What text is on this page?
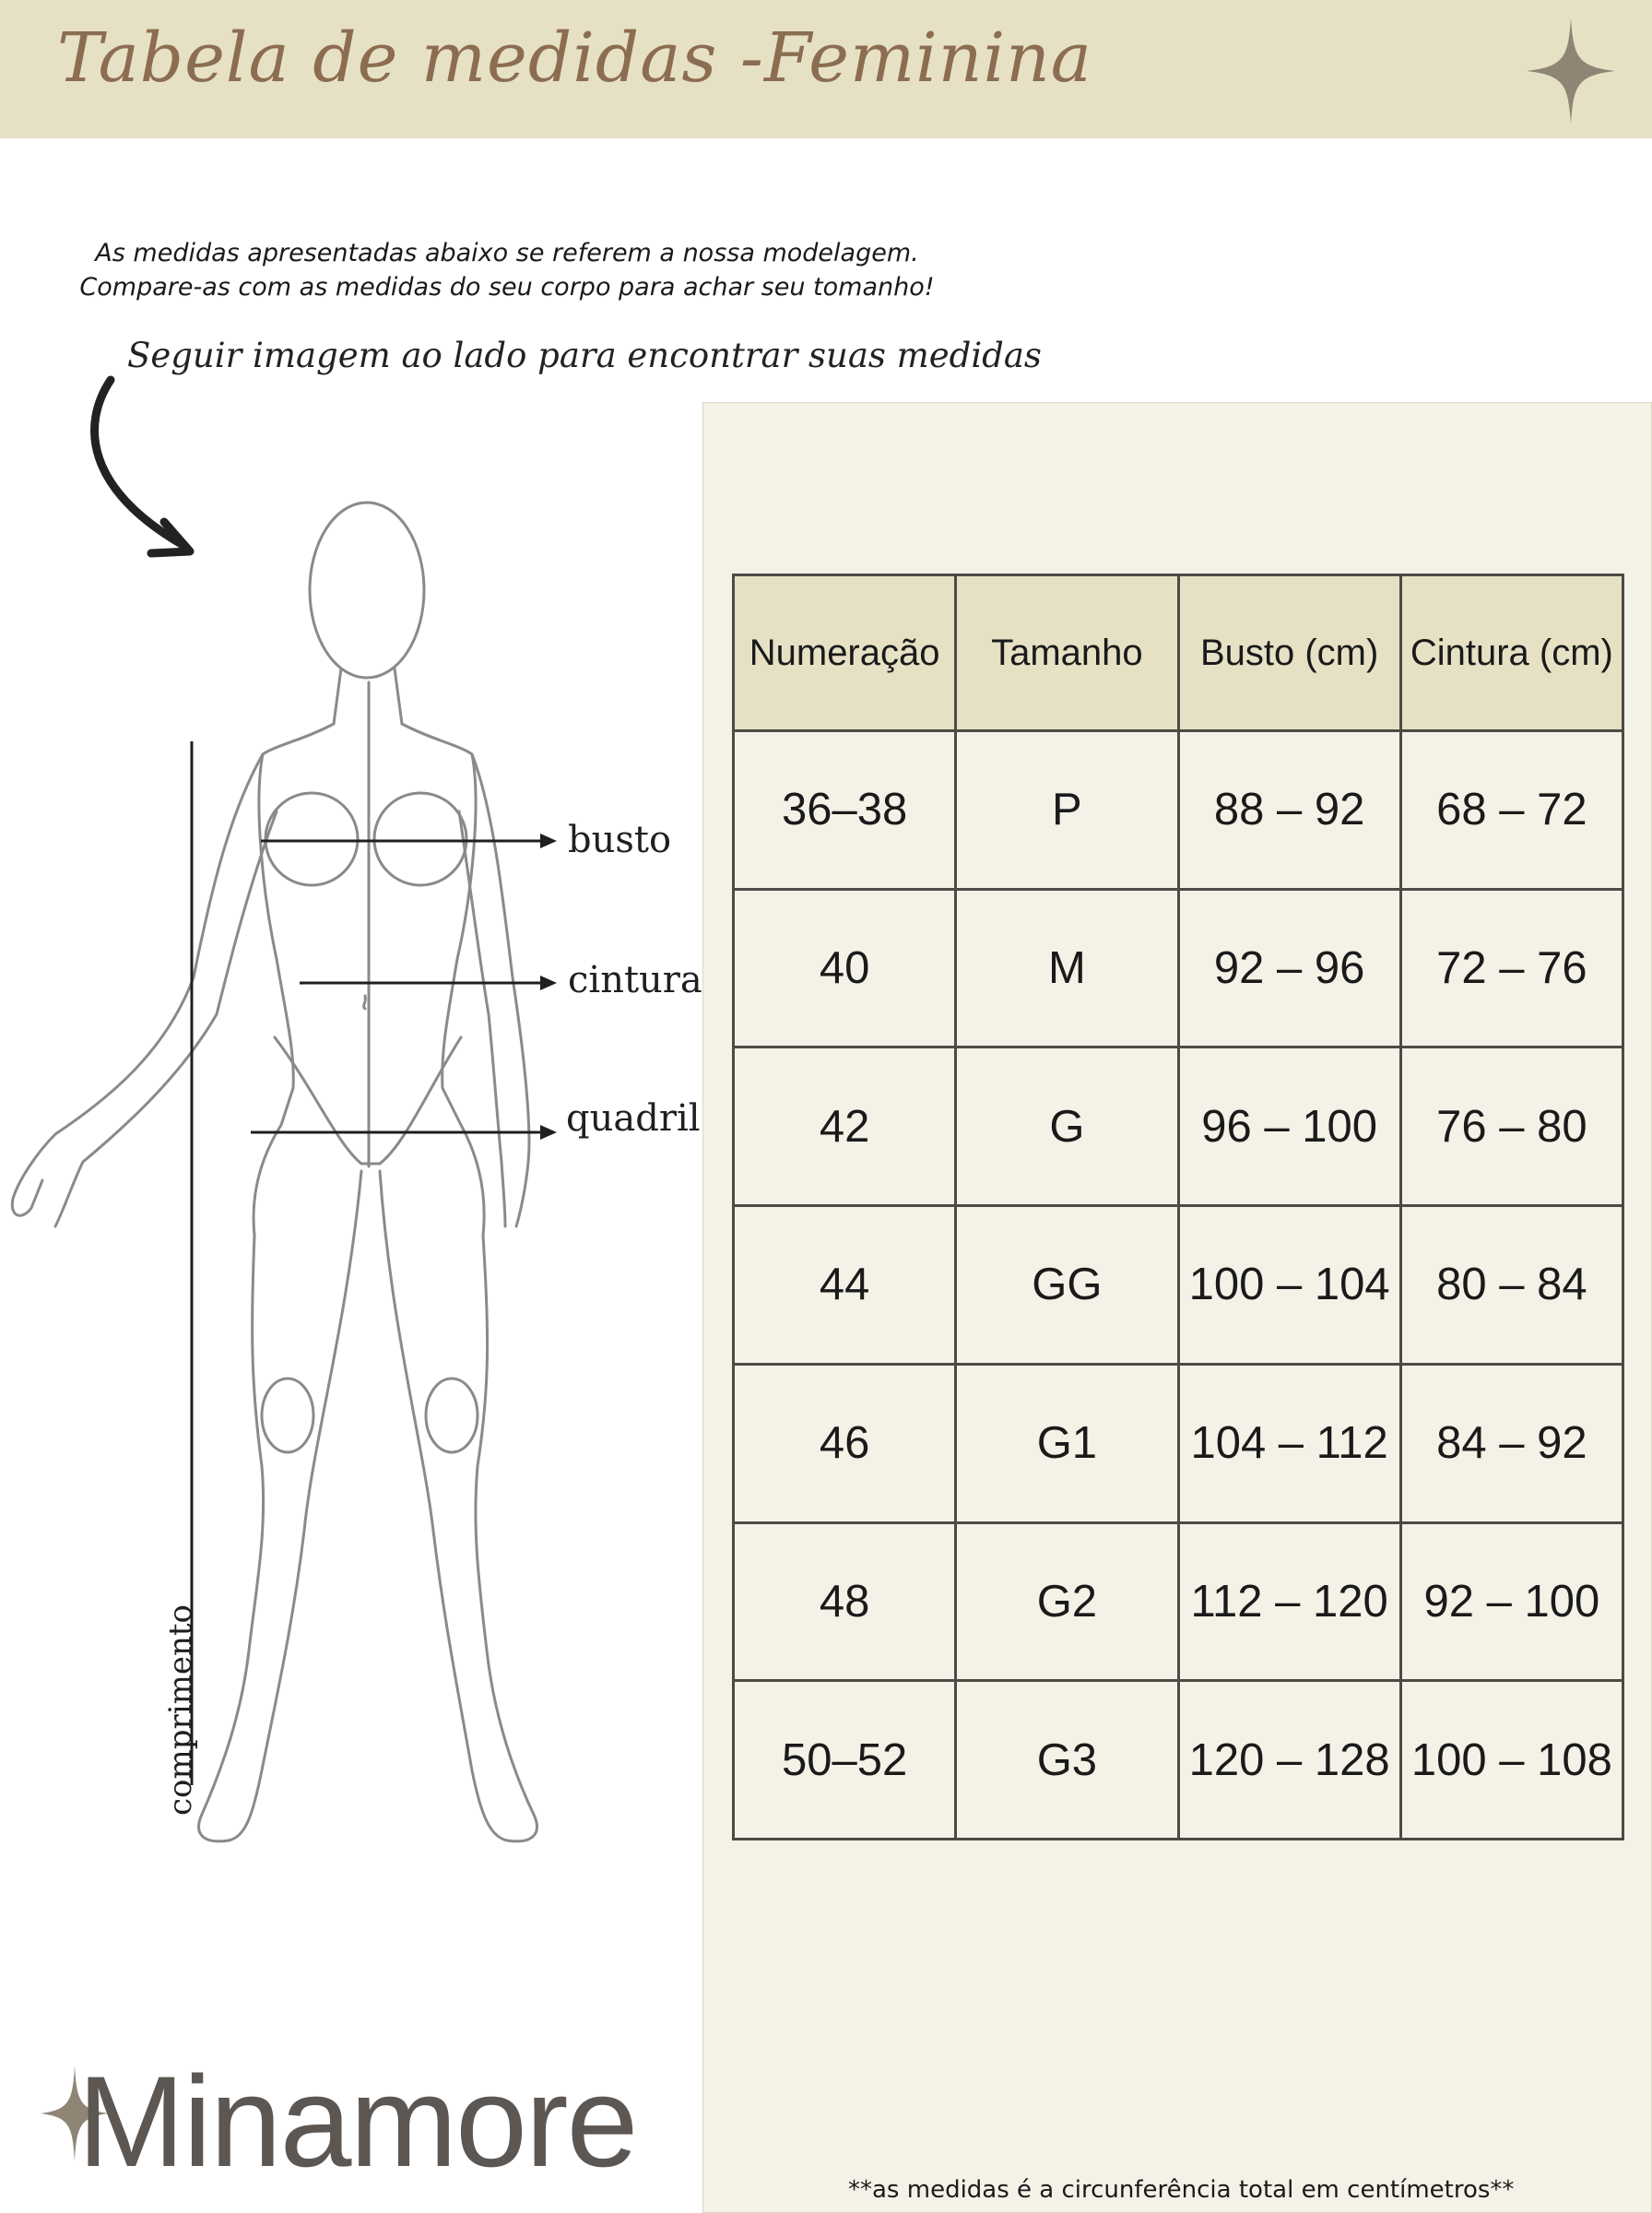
Tabela de medidas -Feminina
As medidas apresentadas abaixo se referem a nossa modelagem.
Compare-as com as medidas do seu corpo para achar seu tomanho!
Seguir imagem ao lado para encontrar suas medidas
busto
cintura
quadril
comprimento
Numeração	Tamanho	Busto (cm)	Cintura (cm)
36–38	P	88 – 92	68 – 72
40	M	92 – 96	72 – 76
42	G	96 – 100	76 – 80
44	GG	100 – 104	80 – 84
46	G1	104 – 112	84 – 92
48	G2	112 – 120	92 – 100
50–52	G3	120 – 128	100 – 108
Minamore	**as medidas é a circunferência total em centímetros**
